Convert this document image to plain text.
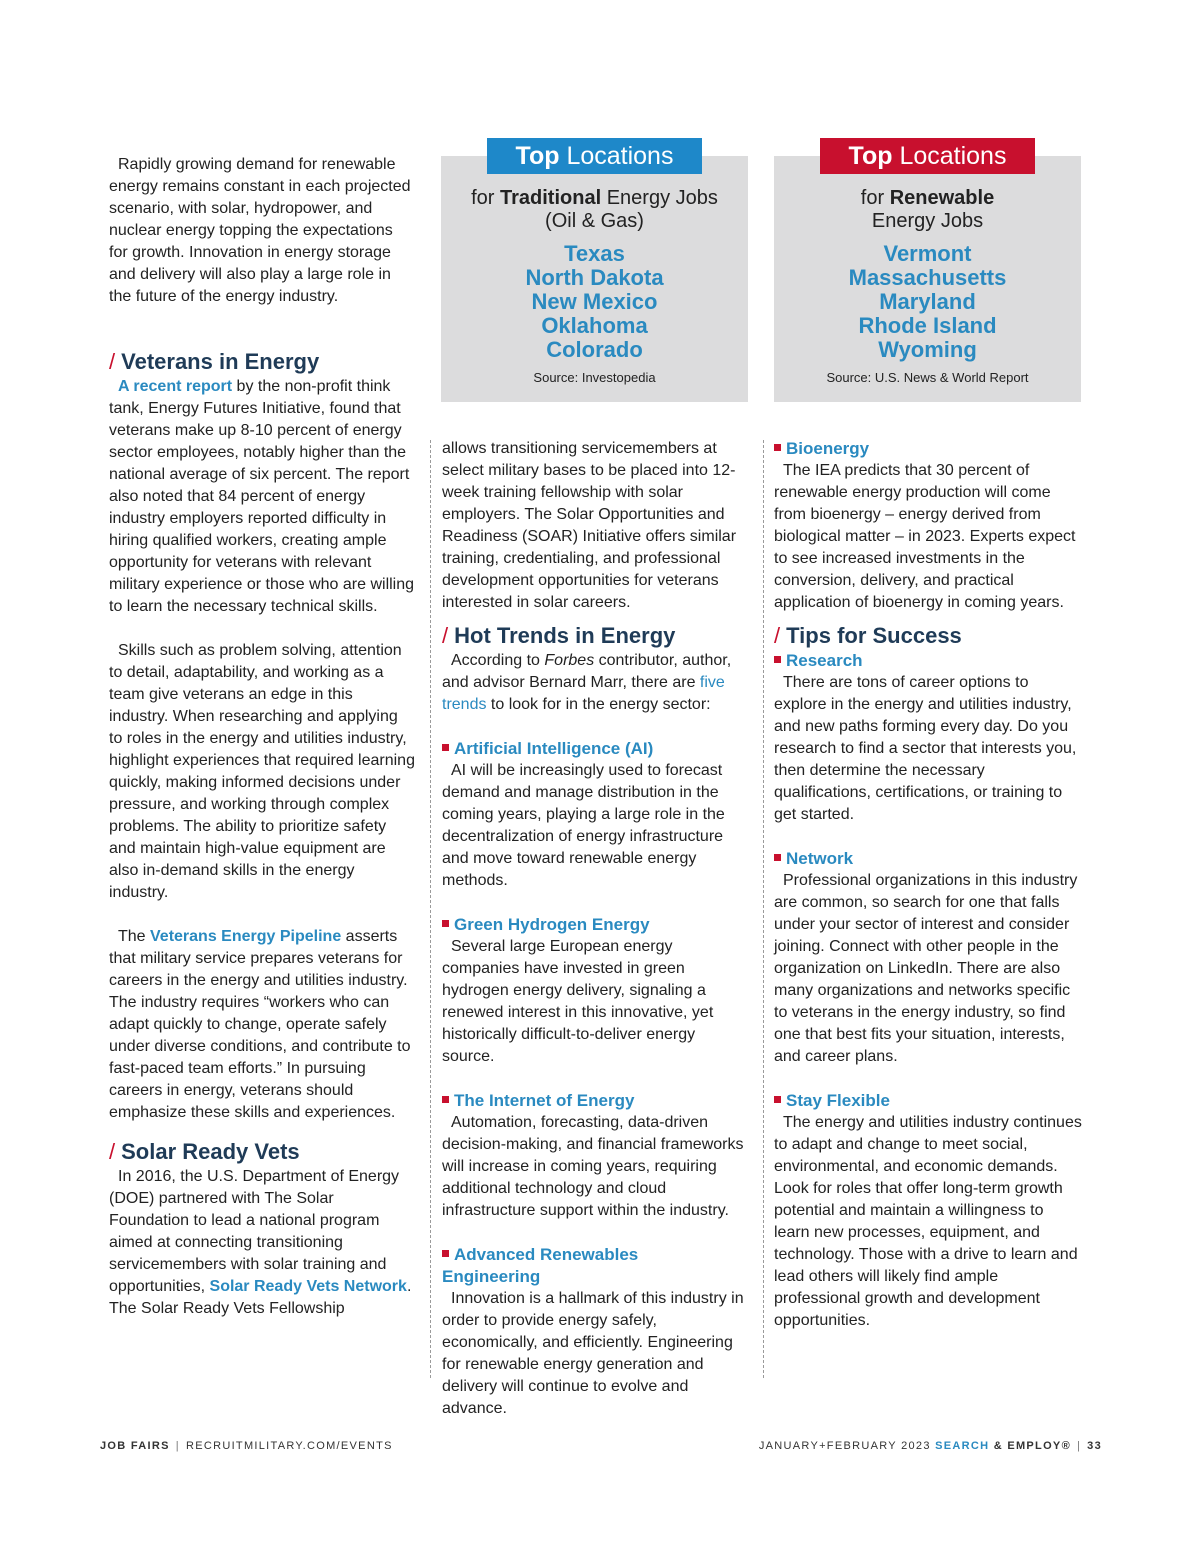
Rapidly growing demand for renewable energy remains constant in each projected scenario, with solar, hydropower, and nuclear energy topping the expectations for growth. Innovation in energy storage and delivery will also play a large role in the future of the energy industry.

/ Veterans in Energy

A recent report by the non-profit think tank, Energy Futures Initiative, found that veterans make up 8-10 percent of energy sector employees, notably higher than the national average of six percent. The report also noted that 84 percent of energy industry employers reported difficulty in hiring qualified workers, creating ample opportunity for veterans with relevant military experience or those who are willing to learn the necessary technical skills.

Skills such as problem solving, attention to detail, adaptability, and working as a team give veterans an edge in this industry. When researching and applying to roles in the energy and utilities industry, highlight experiences that required learning quickly, making informed decisions under pressure, and working through complex problems. The ability to prioritize safety and maintain high-value equipment are also in-demand skills in the energy industry.

The Veterans Energy Pipeline asserts that military service prepares veterans for careers in the energy and utilities industry. The industry requires “workers who can adapt quickly to change, operate safely under diverse conditions, and contribute to fast-paced team efforts.” In pursuing careers in energy, veterans should emphasize these skills and experiences.

/ Solar Ready Vets

In 2016, the U.S. Department of Energy (DOE) partnered with The Solar Foundation to lead a national program aimed at connecting transitioning servicemembers with solar training and opportunities, Solar Ready Vets Network. The Solar Ready Vets Fellowship

Top Locations
for Traditional Energy Jobs
(Oil & Gas)
Texas
North Dakota
New Mexico
Oklahoma
Colorado
Source: Investopedia
Top Locations
for Renewable
Energy Jobs
Vermont
Massachusetts
Maryland
Rhode Island
Wyoming
Source: U.S. News & World Report

allows transitioning servicemembers at select military bases to be placed into 12-week training fellowship with solar employers. The Solar Opportunities and Readiness (SOAR) Initiative offers similar training, credentialing, and professional development opportunities for veterans interested in solar careers.

/ Hot Trends in Energy

According to Forbes contributor, author, and advisor Bernard Marr, there are five trends to look for in the energy sector:

Artificial Intelligence (AI)

AI will be increasingly used to forecast demand and manage distribution in the coming years, playing a large role in the decentralization of energy infrastructure and move toward renewable energy methods.

Green Hydrogen Energy

Several large European energy companies have invested in green hydrogen energy delivery, signaling a renewed interest in this innovative, yet historically difficult-to-deliver energy source.

The Internet of Energy

Automation, forecasting, data-driven decision-making, and financial frameworks will increase in coming years, requiring additional technology and cloud infrastructure support within the industry.

Advanced Renewables Engineering

Innovation is a hallmark of this industry in order to provide energy safely, economically, and efficiently. Engineering for renewable energy generation and delivery will continue to evolve and advance.

Bioenergy

The IEA predicts that 30 percent of renewable energy production will come from bioenergy – energy derived from biological matter – in 2023. Experts expect to see increased investments in the conversion, delivery, and practical application of bioenergy in coming years.

/ Tips for Success
Research

There are tons of career options to explore in the energy and utilities industry, and new paths forming every day. Do you research to find a sector that interests you, then determine the necessary qualifications, certifications, or training to get started.

Network

Professional organizations in this industry are common, so search for one that falls under your sector of interest and consider joining. Connect with other people in the organization on LinkedIn. There are also many organizations and networks specific to veterans in the energy industry, so find one that best fits your situation, interests, and career plans.

Stay Flexible

The energy and utilities industry continues to adapt and change to meet social, environmental, and economic demands. Look for roles that offer long-term growth potential and maintain a willingness to learn new processes, equipment, and technology. Those with a drive to learn and lead others will likely find ample professional growth and development opportunities.

JOB FAIRS | RECRUITMILITARY.COM/EVENTS	JANUARY+FEBRUARY 2023 SEARCH & EMPLOY® | 33
